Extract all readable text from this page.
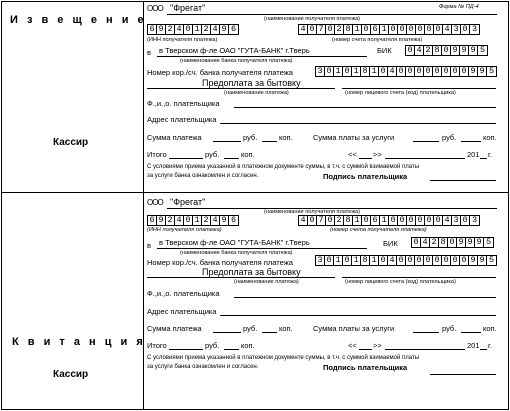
И з в е щ е н и е
Кассир
К в и т а н ц и я
Кассир
Форма № ПД-4
ООО "Фрегат"
(наименование получателя платежа)
6 9 2 4 0 1 2 4 9 6	4 0 7 0 2 8 1 0 6 1 0 0 0 0 0 0 4 3 0 3
(ИНН получателя платежа)	(номер счета получателя платежа)
в в Тверском ф-ле ОАО "ГУТА-БАНК" г.Тверь	БИК 0 4 2 8 0 9 9 9 5
(наименование банка получателя платежа)
Номер кор./сч. банка получателя платежа	3 0 1 0 1 8 1 0 4 0 0 0 0 0 0 0 0 9 9 5
Предоплата за бытовку
(наименование платежа)	(номер лицевого счета (код) плательщика)
Ф.,и.,о. плательщика
Адрес плательщика
Сумма платежа	руб.	коп.	Сумма платы за услуги	руб.	коп.
Итого	руб.	коп.	<< >>	201 г.
С условиями приема указанной в платежном документе суммы, в т.ч. с суммой взимаемой платы
за услуги банка ознакомлен и согласен.	Подпись плательщика
ООО "Фрегат"
(наименование получателя платежа)
6 9 2 4 0 1 2 4 9 6	4 0 7 0 2 8 1 0 6 1 0 0 0 0 0 0 4 3 0 3
(ИНН получателя платежа)	(номер счета получателя платежа)
в в Тверском ф-ле ОАО "ГУТА-БАНК" г.Тверь	БИК 0 4 2 8 0 9 9 9 5
(наименование банка получателя платежа)
Номер кор./сч. банка получателя платежа	3 0 1 0 1 8 1 0 4 0 0 0 0 0 0 0 0 9 9 5
Предоплата за бытовку
(наименование платежа)	(номер лицевого счета (код) плательщика)
Ф.,и.,о. плательщика
Адрес плательщика
Сумма платежа	руб.	коп.	Сумма платы за услуги	руб.	коп.
Итого	руб.	коп.	<< >>	201 г.
С условиями приема указанной в платежном документе суммы, в т.ч. с суммой взимаемой платы
за услуги банка ознакомлен и согласен.	Подпись плательщика
